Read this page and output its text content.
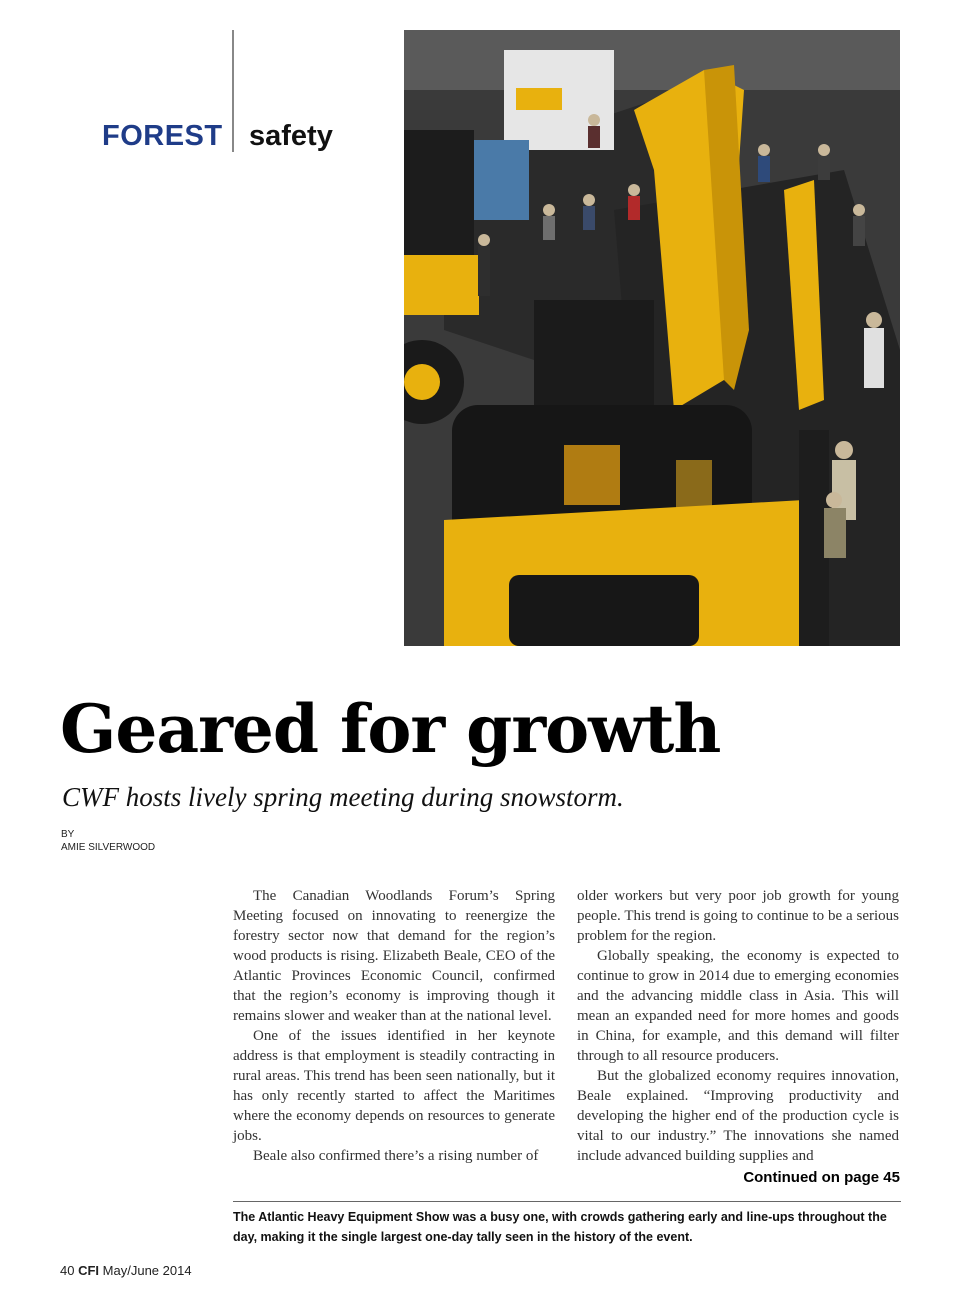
FOREST safety
Geared for growth
CWF hosts lively spring meeting during snowstorm.
BY
AMIE SILVERWOOD

The Canadian Woodlands Forum’s Spring Meeting focused on innovating to reenergize the forestry sector now that demand for the region’s wood products is rising. Elizabeth Beale, CEO of the Atlantic Provinces Economic Council, confirmed that the region’s economy is improving though it remains slower and weaker than at the national level.

One of the issues identified in her keynote address is that employment is steadily contracting in rural areas. This trend has been seen nationally, but it has only recently started to affect the Maritimes where the economy depends on resources to generate jobs.

Beale also confirmed there’s a rising number of

older workers but very poor job growth for young people. This trend is going to continue to be a serious problem for the region.

Globally speaking, the economy is expected to continue to grow in 2014 due to emerging economies and the advancing middle class in Asia. This will mean an expanded need for more homes and goods in China, for example, and this demand will filter through to all resource producers.

But the globalized economy requires innovation, Beale explained. “Improving productivity and developing the higher end of the production cycle is vital to our industry.” The innovations she named include advanced building supplies and

Continued on page 45
The Atlantic Heavy Equipment Show was a busy one, with crowds gathering early and line-ups throughout the day, making it the single largest one-day tally seen in the history of the event.
40 CFI May/June 2014
